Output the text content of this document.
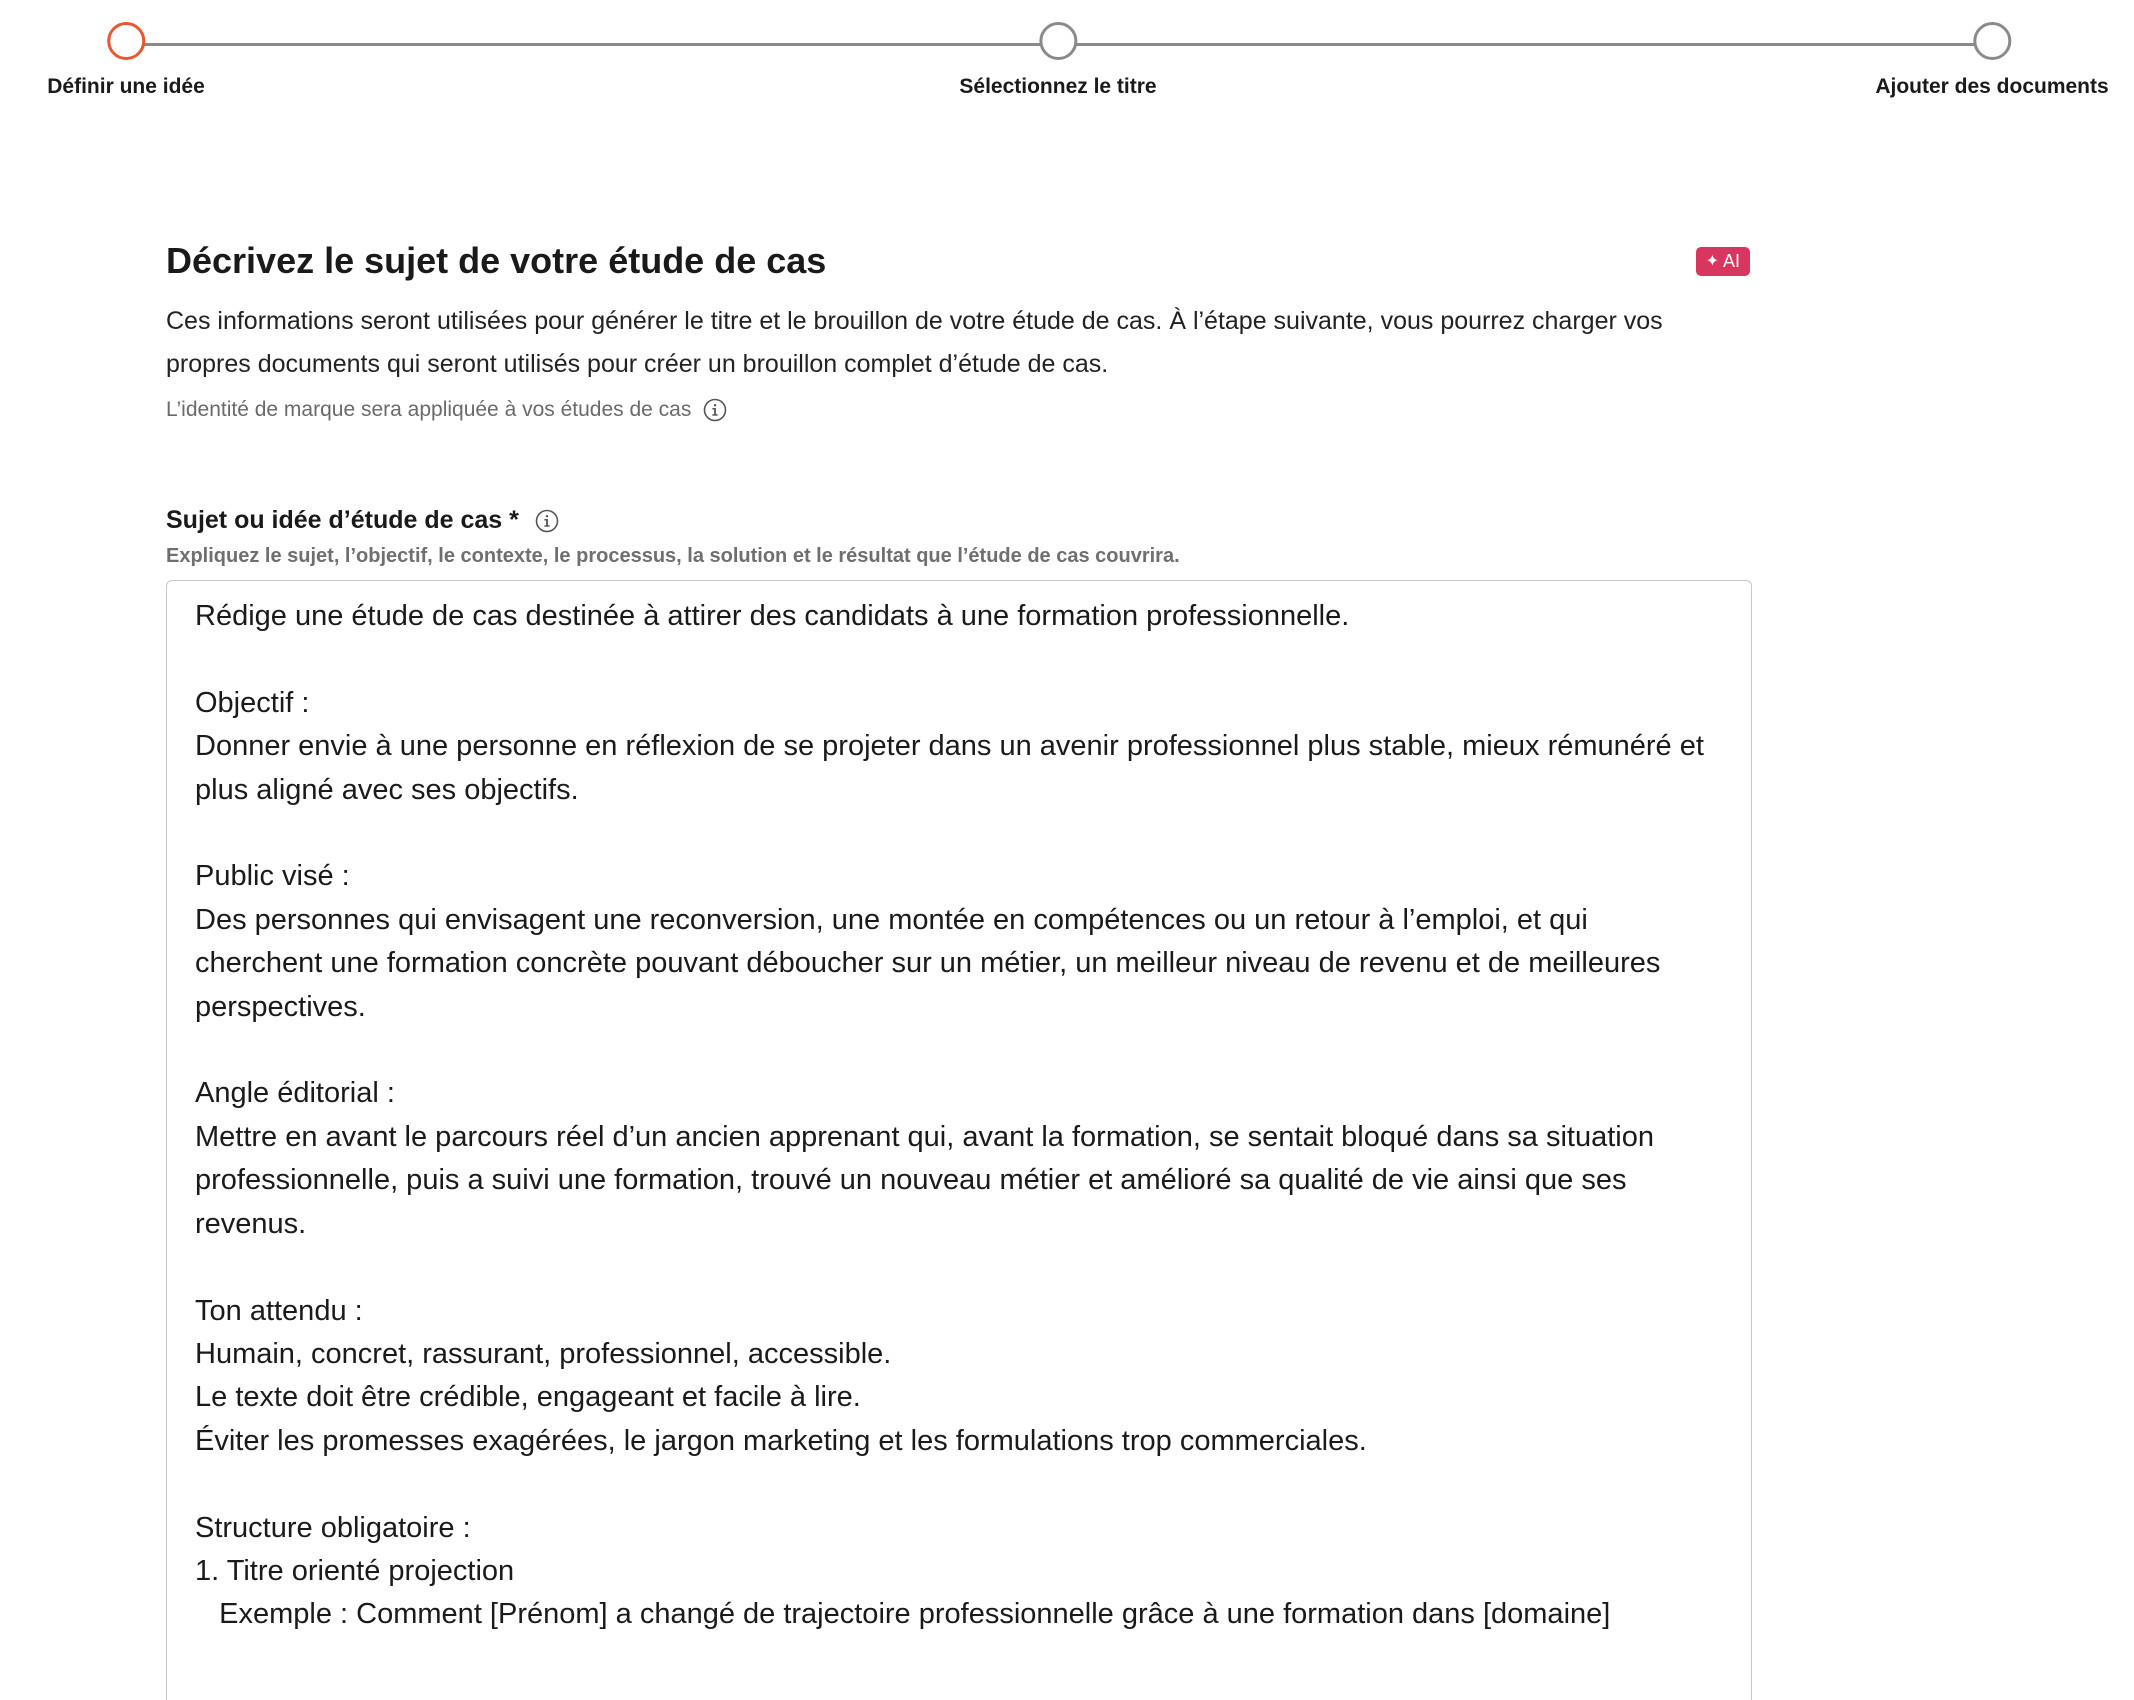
Définir une idée	Sélectionnez le titre	Ajouter des documents
Décrivez le sujet de votre étude de cas	✦ AI
Ces informations seront utilisées pour générer le titre et le brouillon de votre étude de cas. À l’étape suivante, vous pourrez charger vos propres documents qui seront utilisés pour créer un brouillon complet d’étude de cas.
L’identité de marque sera appliquée à vos études de cas
Sujet ou idée d’étude de cas *
Expliquez le sujet, l’objectif, le contexte, le processus, la solution et le résultat que l’étude de cas couvrira.
Rédige une étude de cas destinée à attirer des candidats à une formation professionnelle.

Objectif :
Donner envie à une personne en réflexion de se projeter dans un avenir professionnel plus stable, mieux rémunéré et plus aligné avec ses objectifs.

Public visé :
Des personnes qui envisagent une reconversion, une montée en compétences ou un retour à l’emploi, et qui cherchent une formation concrète pouvant déboucher sur un métier, un meilleur niveau de revenu et de meilleures perspectives.

Angle éditorial :
Mettre en avant le parcours réel d’un ancien apprenant qui, avant la formation, se sentait bloqué dans sa situation professionnelle, puis a suivi une formation, trouvé un nouveau métier et amélioré sa qualité de vie ainsi que ses revenus.

Ton attendu :
Humain, concret, rassurant, professionnel, accessible.
Le texte doit être crédible, engageant et facile à lire.
Éviter les promesses exagérées, le jargon marketing et les formulations trop commerciales.

Structure obligatoire :
1. Titre orienté projection
Exemple : Comment [Prénom] a changé de trajectoire professionnelle grâce à une formation dans [domaine]
